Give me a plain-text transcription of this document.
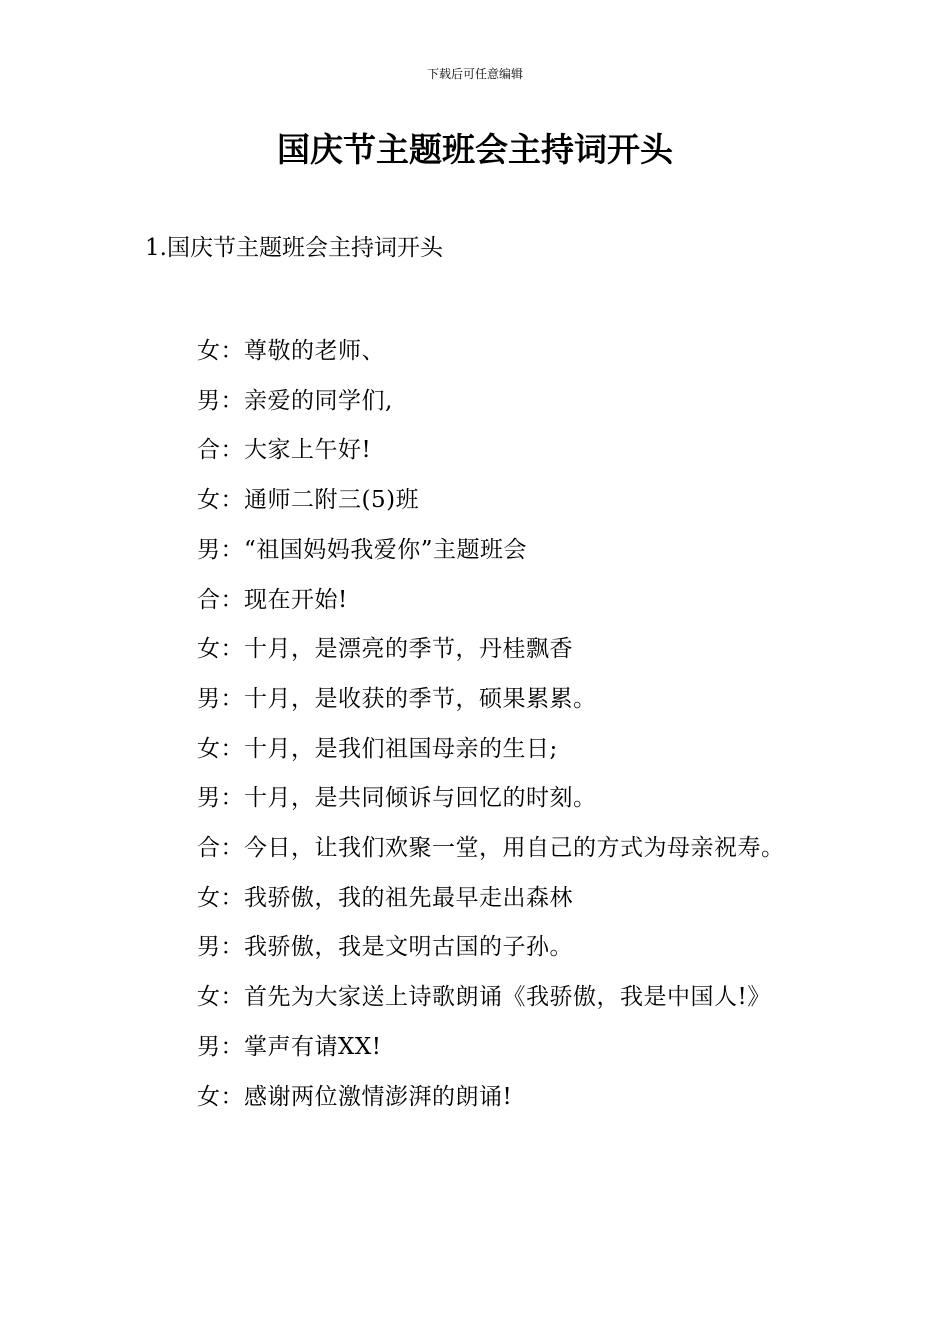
下载后可任意编辑
国庆节主题班会主持词开头
1.国庆节主题班会主持词开头

女：尊敬的老师、

男：亲爱的同学们,

合：大家上午好!

女：通师二附三(5)班

男：“祖国妈妈我爱你”主题班会

合：现在开始!

女：十月，是漂亮的季节，丹桂飘香

男：十月，是收获的季节，硕果累累。

女：十月，是我们祖国母亲的生日;

男：十月，是共同倾诉与回忆的时刻。

合：今日，让我们欢聚一堂，用自己的方式为母亲祝寿。

女：我骄傲，我的祖先最早走出森林

男：我骄傲，我是文明古国的子孙。

女：首先为大家送上诗歌朗诵《我骄傲，我是中国人!》

男：掌声有请XX!

女：感谢两位激情澎湃的朗诵!
